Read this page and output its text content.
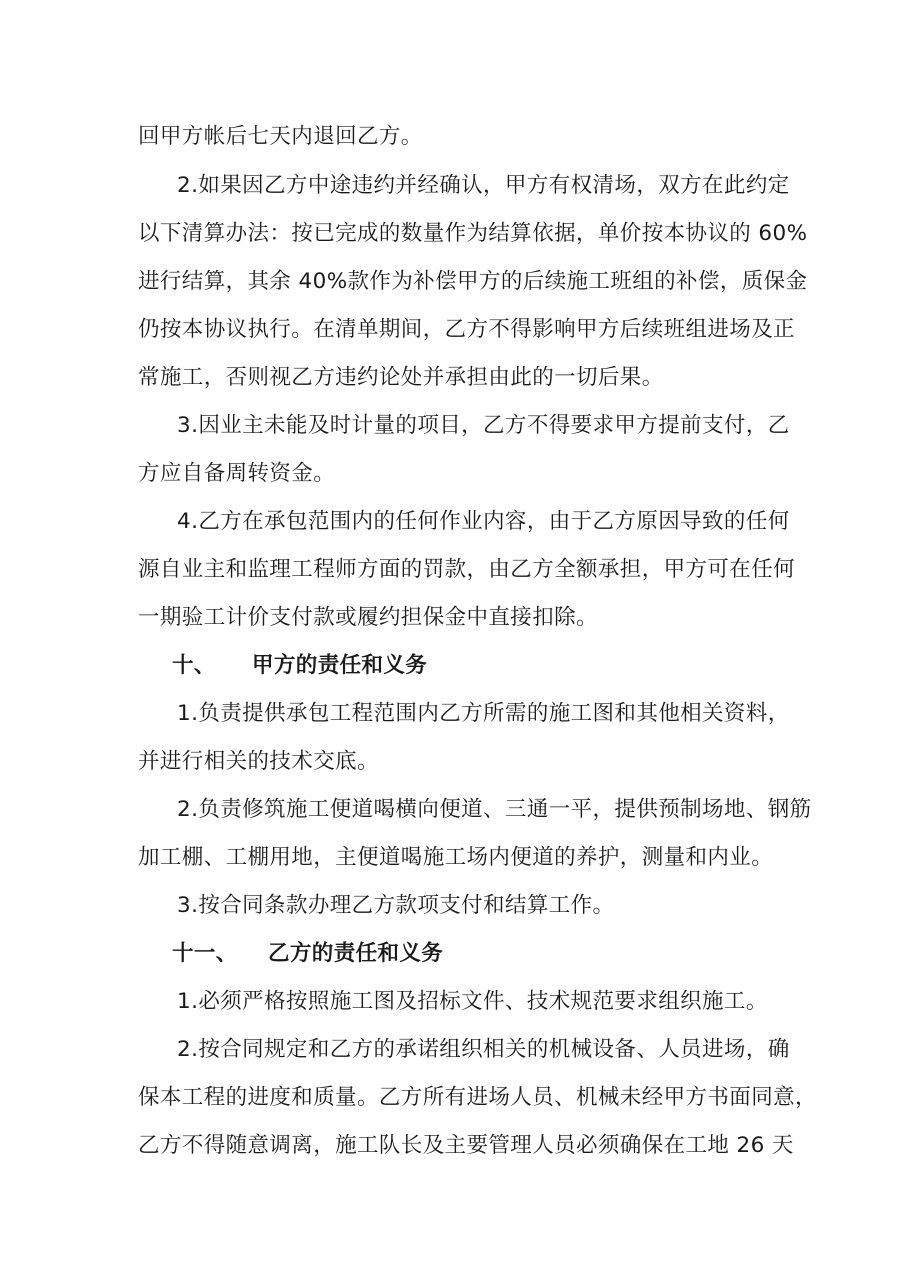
回甲方帐后七天内退回乙方。
2.如果因乙方中途违约并经确认，甲方有权清场，双方在此约定
以下清算办法：按已完成的数量作为结算依据，单价按本协议的 60%
进行结算，其余 40%款作为补偿甲方的后续施工班组的补偿，质保金
仍按本协议执行。在清单期间，乙方不得影响甲方后续班组进场及正
常施工，否则视乙方违约论处并承担由此的一切后果。
3.因业主未能及时计量的项目，乙方不得要求甲方提前支付，乙
方应自备周转资金。
4.乙方在承包范围内的任何作业内容，由于乙方原因导致的任何
源自业主和监理工程师方面的罚款，由乙方全额承担，甲方可在任何
一期验工计价支付款或履约担保金中直接扣除。
十、 甲方的责任和义务
1.负责提供承包工程范围内乙方所需的施工图和其他相关资料，
并进行相关的技术交底。
2.负责修筑施工便道喝横向便道、三通一平，提供预制场地、钢筋
加工棚、工棚用地，主便道喝施工场内便道的养护，测量和内业。
3.按合同条款办理乙方款项支付和结算工作。
十一、 乙方的责任和义务
1.必须严格按照施工图及招标文件、技术规范要求组织施工。
2.按合同规定和乙方的承诺组织相关的机械设备、人员进场，确
保本工程的进度和质量。乙方所有进场人员、机械未经甲方书面同意，
乙方不得随意调离，施工队长及主要管理人员必须确保在工地 26 天
